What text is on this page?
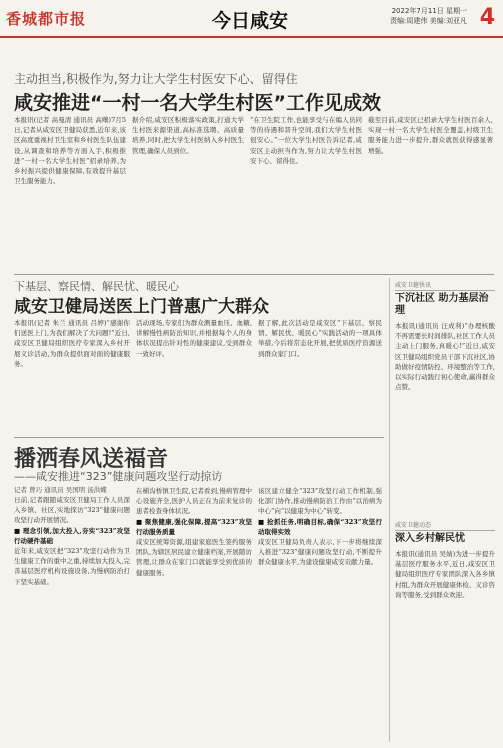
香城都市报	今日咸安	2022年7月11日 星期一
责编:周建伟 美编:刘亚凡 4
主动担当,积极作为,努力让大学生村医安下心、留得住
咸安推进“一村一名大学生村医”工作见成效
本报讯(记者 高曼清 通讯员 高曙)7月5日,记者从咸安区卫健局获悉,近年来,该区高度重视村卫生室和乡村医生队伍建设,从调查和培养等方面入手,积极推进“一村一名大学生村医”招录培养,为乡村振兴提供健康保障,有效提升基层卫生服务能力。
据介绍,咸安区积极落实政策,打通大学生村医来源渠道,高标准选聘、高质量培养,同时,把大学生村医纳入乡村医生管理,确保人员到位。
“在卫生院工作,也能享受与在编人员同等的待遇和晋升空间,我们大学生村医很安心。”一位大学生村医告诉记者,咸安区主动担当作为,努力让大学生村医安下心、留得住。
截至目前,咸安区已招录大学生村医百余人,实现一村一名大学生村医全覆盖,村级卫生服务能力进一步提升,群众就医获得感显著增强。
下基层、察民情、解民忧、暖民心
咸安卫健局送医上门普惠广大群众
本报讯(记者 朱兰 通讯员 吕婷)“感谢你们送医上门,为我们解决了大问题!”近日,咸安区卫健局组织医疗专家深入乡村开展义诊活动,为群众提供面对面的健康服务。
活动现场,专家们为群众测量血压、血糖,讲解慢性病防治知识,并根据每个人的身体状况提出针对性的健康建议,受到群众一致好评。
据了解,此次活动是咸安区“下基层、察民情、解民忧、暖民心”实践活动的一项具体举措,今后将常态化开展,把优质医疗资源送到群众家门口。
播洒春风送福音
——咸安推进“323”健康问题攻坚行动掠访
记者 曾巧 通讯员 吴国明 汤洪蝶
日前,记者跟随咸安区卫健局工作人员深入乡镇、社区,实地探访“323”健康问题攻坚行动开展情况。
■ 理念引领,加大投入,夯实“323”攻坚行动硬件基础
近年来,咸安区把“323”攻坚行动作为卫生健康工作的重中之重,持续加大投入,完善基层医疗机构设施设备,为慢病防治打下坚实基础。
在横沟桥镇卫生院,记者看到,慢病管理中心设施齐全,医护人员正在为前来复诊的患者检查身体状况。
■ 聚焦健康,强化保障,提高“323”攻坚行动服务质量
咸安区统筹资源,组建家庭医生签约服务团队,为辖区居民建立健康档案,开展随访管理,让群众在家门口就能享受到优质的健康服务。
该区建立健全“323”攻坚行动工作机制,强化部门协作,推动慢病防治工作由“以治病为中心”向“以健康为中心”转变。
■ 抢抓任务,明确目标,确保“323”攻坚行动取得实效
咸安区卫健局负责人表示,下一步将继续深入推进“323”健康问题攻坚行动,不断提升群众健康水平,为建设健康咸安贡献力量。
咸安卫健快讯
下沉社区 助力基层治理
本报讯(通讯员 汪成利)“办理核酸不再需要长时间排队,社区工作人员主动上门服务,真暖心!”近日,咸安区卫健局组织党员干部下沉社区,协助做好疫情防控、环境整治等工作,以实际行动践行初心使命,赢得群众点赞。
咸安卫健动态
深入乡村解民忧
本报讯(通讯员 吴婧)为进一步提升基层医疗服务水平,近日,咸安区卫健局组织医疗专家团队深入各乡镇村组,为群众开展健康体检、义诊咨询等服务,受到群众欢迎。
